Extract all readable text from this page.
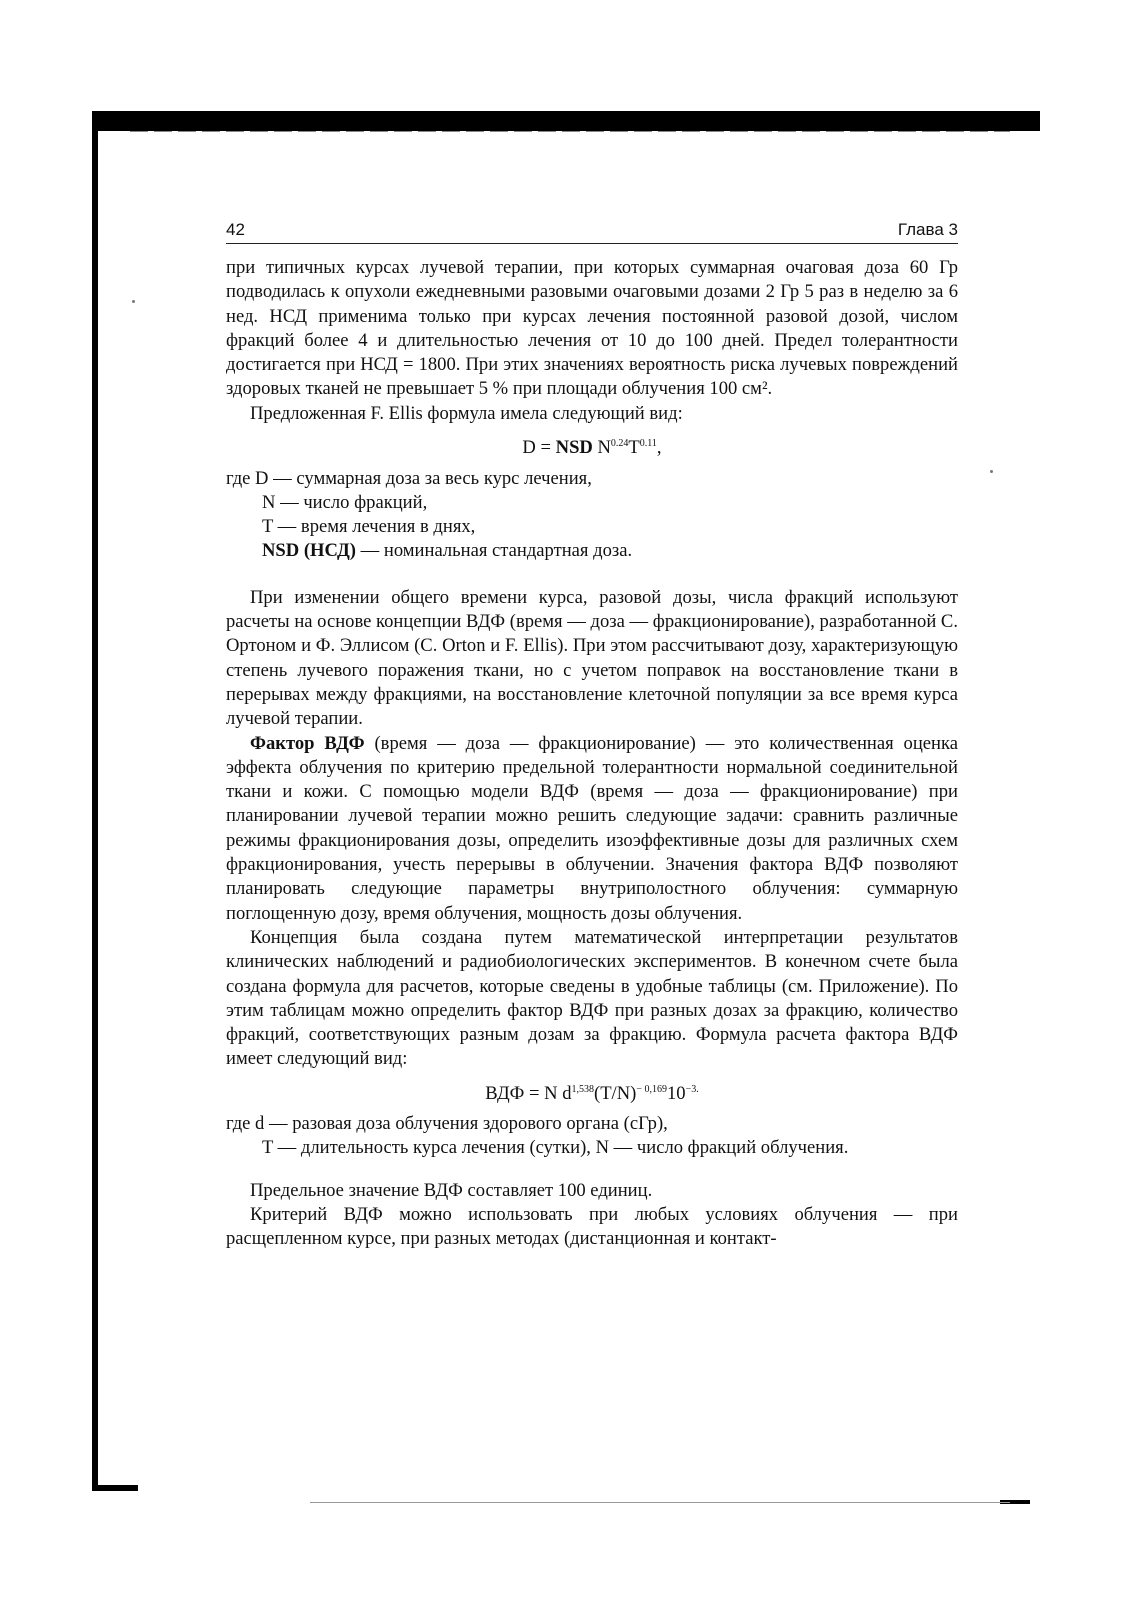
42	Глава 3

при типичных курсах лучевой терапии, при которых суммарная очаговая доза 60 Гр подводилась к опухоли ежедневными разовыми очаговыми дозами 2 Гр 5 раз в неделю за 6 нед. НСД применима только при курсах лечения постоянной разовой дозой, числом фракций более 4 и длительностью лечения от 10 до 100 дней. Предел толерантности достигается при НСД = 1800. При этих значениях вероятность риска лучевых повреждений здоровых тканей не превышает 5 % при площади облучения 100 см².

Предложенная F. Ellis формула имела следующий вид:

D = NSD $N^{0.24}T^{0.11}$,
где D — суммарная доза за весь курс лечения,
N — число фракций,
T — время лечения в днях,
NSD (НСД) — номинальная стандартная доза.

При изменении общего времени курса, разовой дозы, числа фракций используют расчеты на основе концепции ВДФ (время — доза — фракционирование), разработанной С. Ортоном и Ф. Эллисом (С. Orton и F. Ellis). При этом рассчитывают дозу, характеризующую степень лучевого поражения ткани, но с учетом поправок на восстановление ткани в перерывах между фракциями, на восстановление клеточной популяции за все время курса лучевой терапии.

Фактор ВДФ (время — доза — фракционирование) — это количественная оценка эффекта облучения по критерию предельной толерантности нормальной соединительной ткани и кожи. С помощью модели ВДФ (время — доза — фракционирование) при планировании лучевой терапии можно решить следующие задачи: сравнить различные режимы фракционирования дозы, определить изоэффективные дозы для различных схем фракционирования, учесть перерывы в облучении. Значения фактора ВДФ позволяют планировать следующие параметры внутриполостного облучения: суммарную поглощенную дозу, время облучения, мощность дозы облучения.

Концепция была создана путем математической интерпретации результатов клинических наблюдений и радиобиологических экспериментов. В конечном счете была создана формула для расчетов, которые сведены в удобные таблицы (см. Приложение). По этим таблицам можно определить фактор ВДФ при разных дозах за фракцию, количество фракций, соответствующих разным дозам за фракцию. Формула расчета фактора ВДФ имеет следующий вид:

ВДФ = N $d^{1,538}(T/N)^{- 0,169}10^{-3.}$
где d — разовая доза облучения здорового органа (сГр),
T — длительность курса лечения (сутки), N — число фракций облучения.

Предельное значение ВДФ составляет 100 единиц.

Критерий ВДФ можно использовать при любых условиях облучения — при расщепленном курсе, при разных методах (дистанционная и контакт-
